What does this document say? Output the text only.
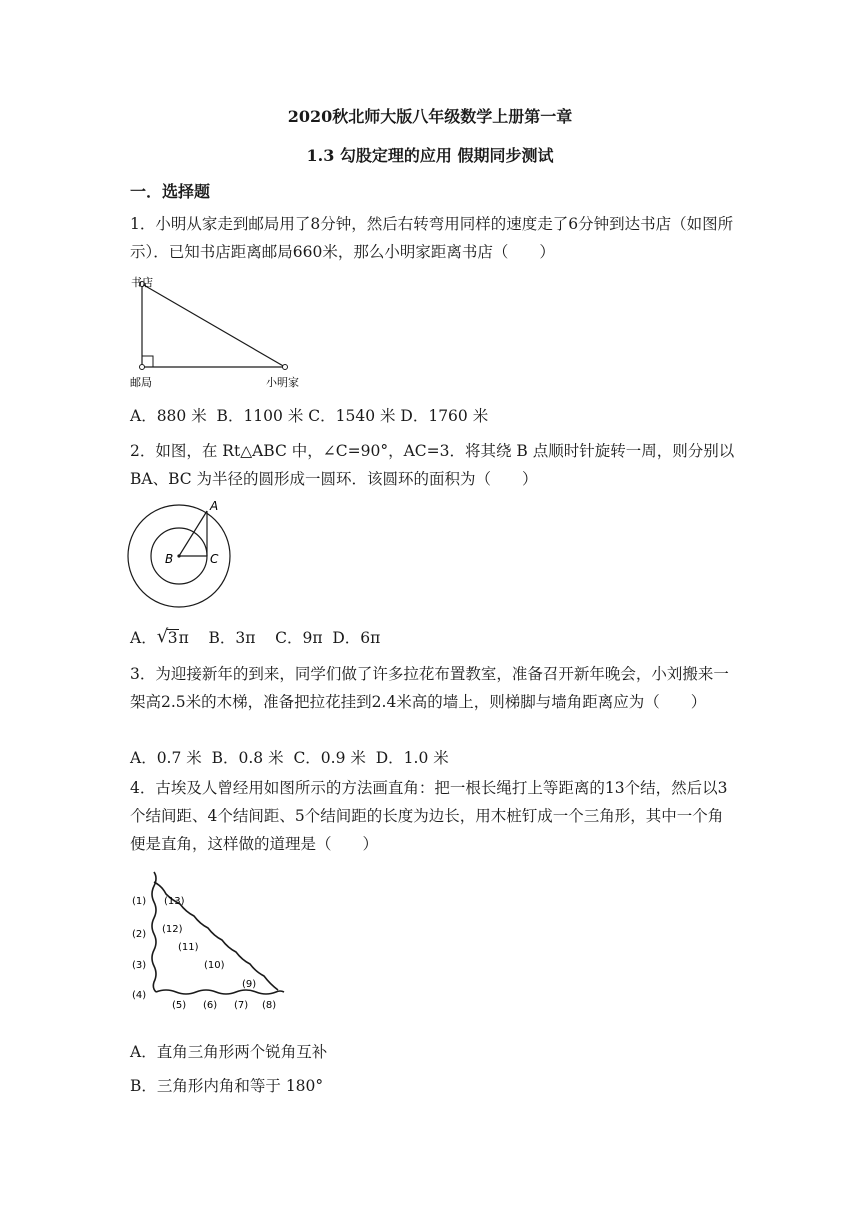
2020秋北师大版八年级数学上册第一章
1.3 勾股定理的应用 假期同步测试
一．选择题
1．小明从家走到邮局用了8分钟，然后右转弯用同样的速度走了6分钟到达书店（如图所示）．已知书店距离邮局660米，那么小明家距离书店（　　）
书店
邮局	小明家
A．880 米  B．1100 米 C．1540 米 D．1760 米
2．如图，在 Rt△ABC 中，∠C=90°，AC=3．将其绕 B 点顺时针旋转一周，则分别以 BA、BC 为半径的圆形成一圆环．该圆环的面积为（　　）
A
B	C
A． √ 3π    B．3π    C．9π  D．6π
3．为迎接新年的到来，同学们做了许多拉花布置教室，准备召开新年晚会，小刘搬来一架高2.5米的木梯，准备把拉花挂到2.4米高的墙上，则梯脚与墙角距离应为（　　）
A．0.7 米  B．0.8 米  C．0.9 米  D．1.0 米
4．古埃及人曾经用如图所示的方法画直角：把一根长绳打上等距离的13个结，然后以3个结间距、4个结间距、5个结间距的长度为边长，用木桩钉成一个三角形，其中一个角便是直角，这样做的道理是（　　）
(1)
(2)
(3)
(4)
(5) (6) (7) (8)
(9)
(10)
(11)
(12)
(13)
A．直角三角形两个锐角互补
B．三角形内角和等于 180°
